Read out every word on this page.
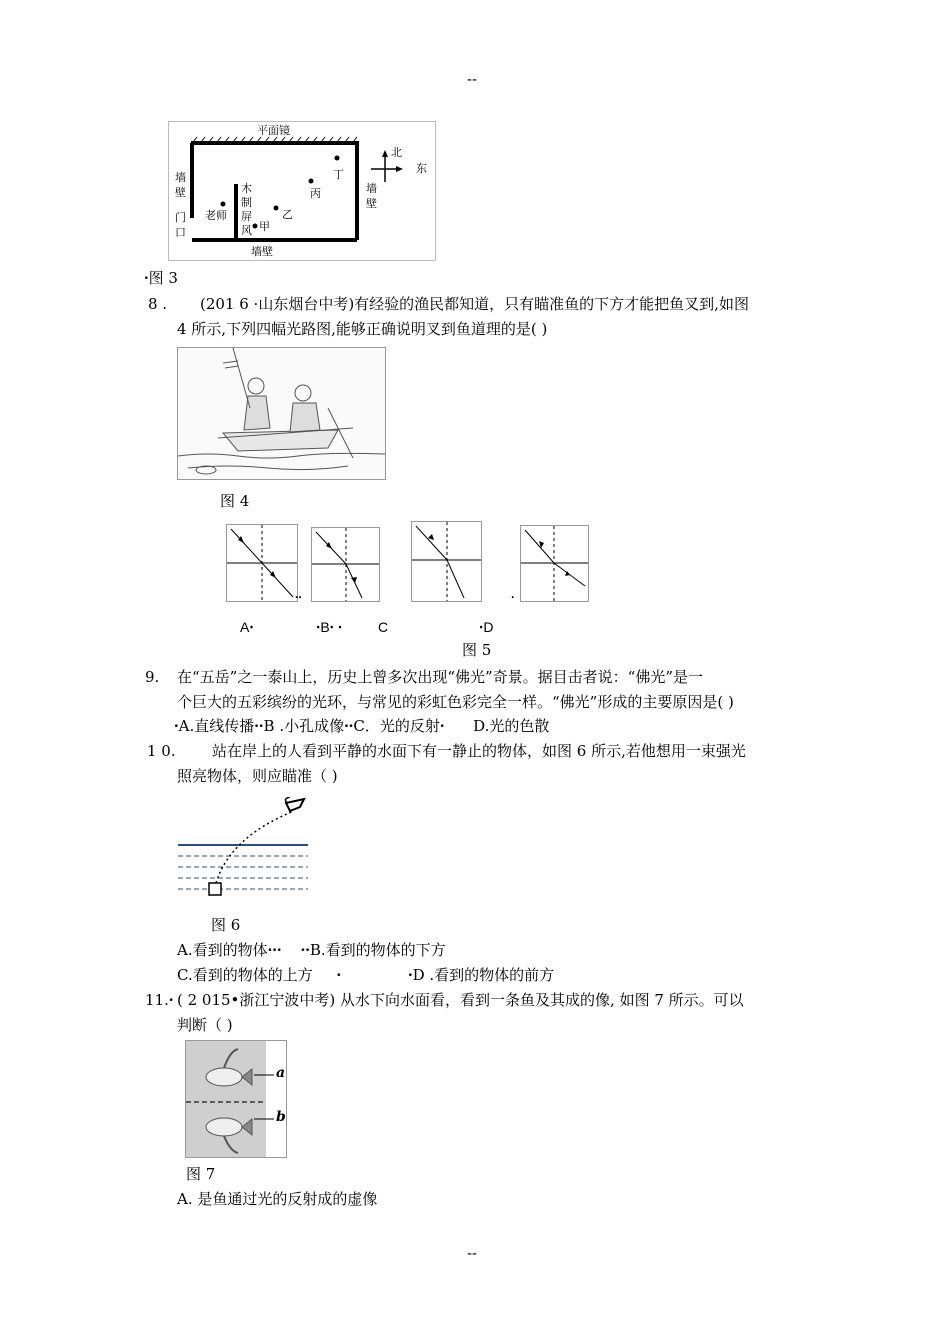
--
平面镜
北
东
墙
壁
门
口
老师
木
制
屏
风 甲
乙
丙
丁
墙
壁
墙壁
ꞏ图 3
8 . (201 6 ·山东烟台中考)有经验的渔民都知道，只有瞄准鱼的下方才能把鱼叉到,如图
4 所示,下列四幅光路图,能够正确说明叉到鱼道理的是( )
图 4
ꞏꞏ	ꞏ
Aꞏ	ꞏBꞏ ꞏ	C	ꞏD
图 5
9. 在“五岳”之一泰山上，历史上曾多次出现“佛光”奇景。据目击者说：“佛光”是一
个巨大的五彩缤纷的光环，与常见的彩虹色彩完全一样。“佛光”形成的主要原因是( )
ꞏA.直线传播ꞏꞏB .小孔成像ꞏꞏC．光的反射ꞏ      D.光的色散
1 0. 站在岸上的人看到平静的水面下有一静止的物体，如图 6 所示,若他想用一束强光
照亮物体，则应瞄准（ )
图 6
A.看到的物体ꞏꞏꞏ    ꞏꞏB.看到的物体的下方
C.看到的物体的上方     ꞏ              ꞏD .看到的物体的前方
11.ꞏ ( 2 015•浙江宁波中考) 从水下向水面看，看到一条鱼及其成的像, 如图 7 所示。可以
判断（ )
a
b
图 7
A. 是鱼通过光的反射成的虚像
--
